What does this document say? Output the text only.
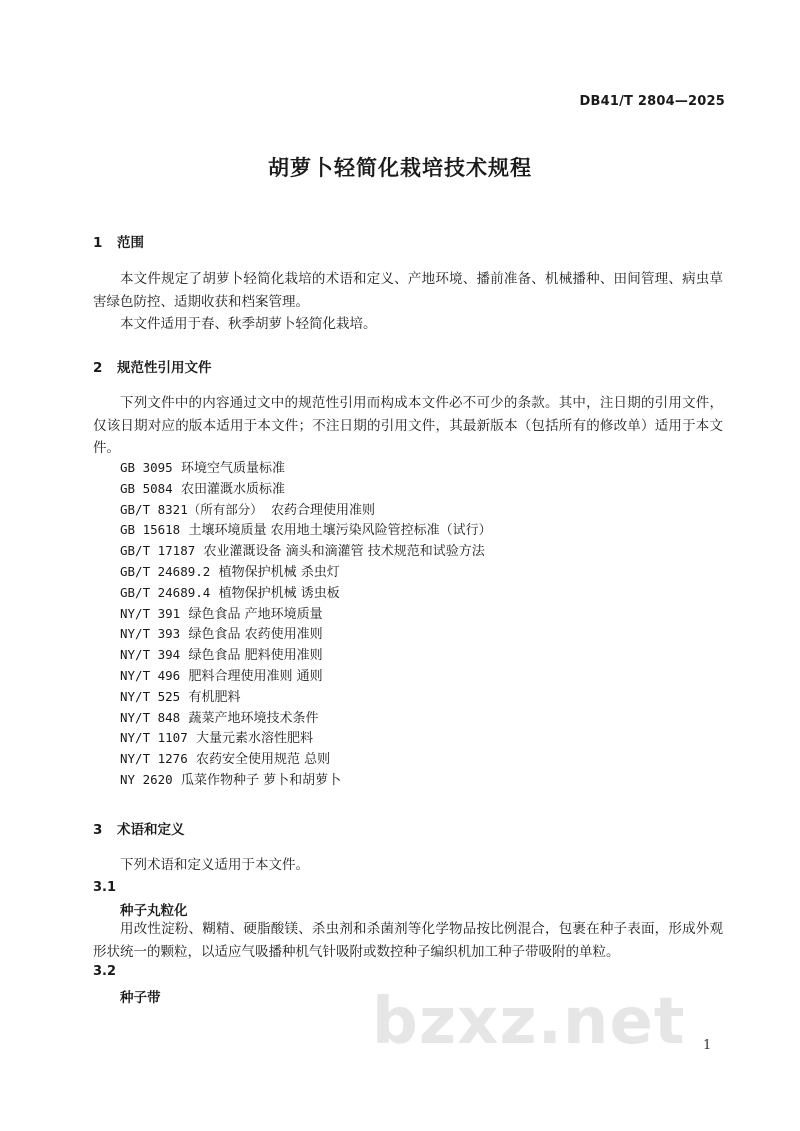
DB41/T 2804—2025
胡萝卜轻简化栽培技术规程
1 范围
本文件规定了胡萝卜轻简化栽培的术语和定义、产地环境、播前准备、机械播种、田间管理、病虫草害绿色防控、适期收获和档案管理。
本文件适用于春、秋季胡萝卜轻简化栽培。
2 规范性引用文件
下列文件中的内容通过文中的规范性引用而构成本文件必不可少的条款。其中，注日期的引用文件，仅该日期对应的版本适用于本文件；不注日期的引用文件，其最新版本（包括所有的修改单）适用于本文件。
GB 3095 环境空气质量标准
GB 5084 农田灌溉水质标准
GB/T 8321（所有部分） 农药合理使用准则
GB 15618 土壤环境质量 农用地土壤污染风险管控标准（试行）
GB/T 17187 农业灌溉设备 滴头和滴灌管 技术规范和试验方法
GB/T 24689.2 植物保护机械 杀虫灯
GB/T 24689.4 植物保护机械 诱虫板
NY/T 391 绿色食品 产地环境质量
NY/T 393 绿色食品 农药使用准则
NY/T 394 绿色食品 肥料使用准则
NY/T 496 肥料合理使用准则 通则
NY/T 525 有机肥料
NY/T 848 蔬菜产地环境技术条件
NY/T 1107 大量元素水溶性肥料
NY/T 1276 农药安全使用规范 总则
NY 2620 瓜菜作物种子 萝卜和胡萝卜
3 术语和定义
下列术语和定义适用于本文件。
3.1
种子丸粒化
用改性淀粉、糊精、硬脂酸镁、杀虫剂和杀菌剂等化学物品按比例混合，包裹在种子表面，形成外观形状统一的颗粒，以适应气吸播种机气针吸附或数控种子编织机加工种子带吸附的单粒。
3.2
种子带	bzxz.net 1
